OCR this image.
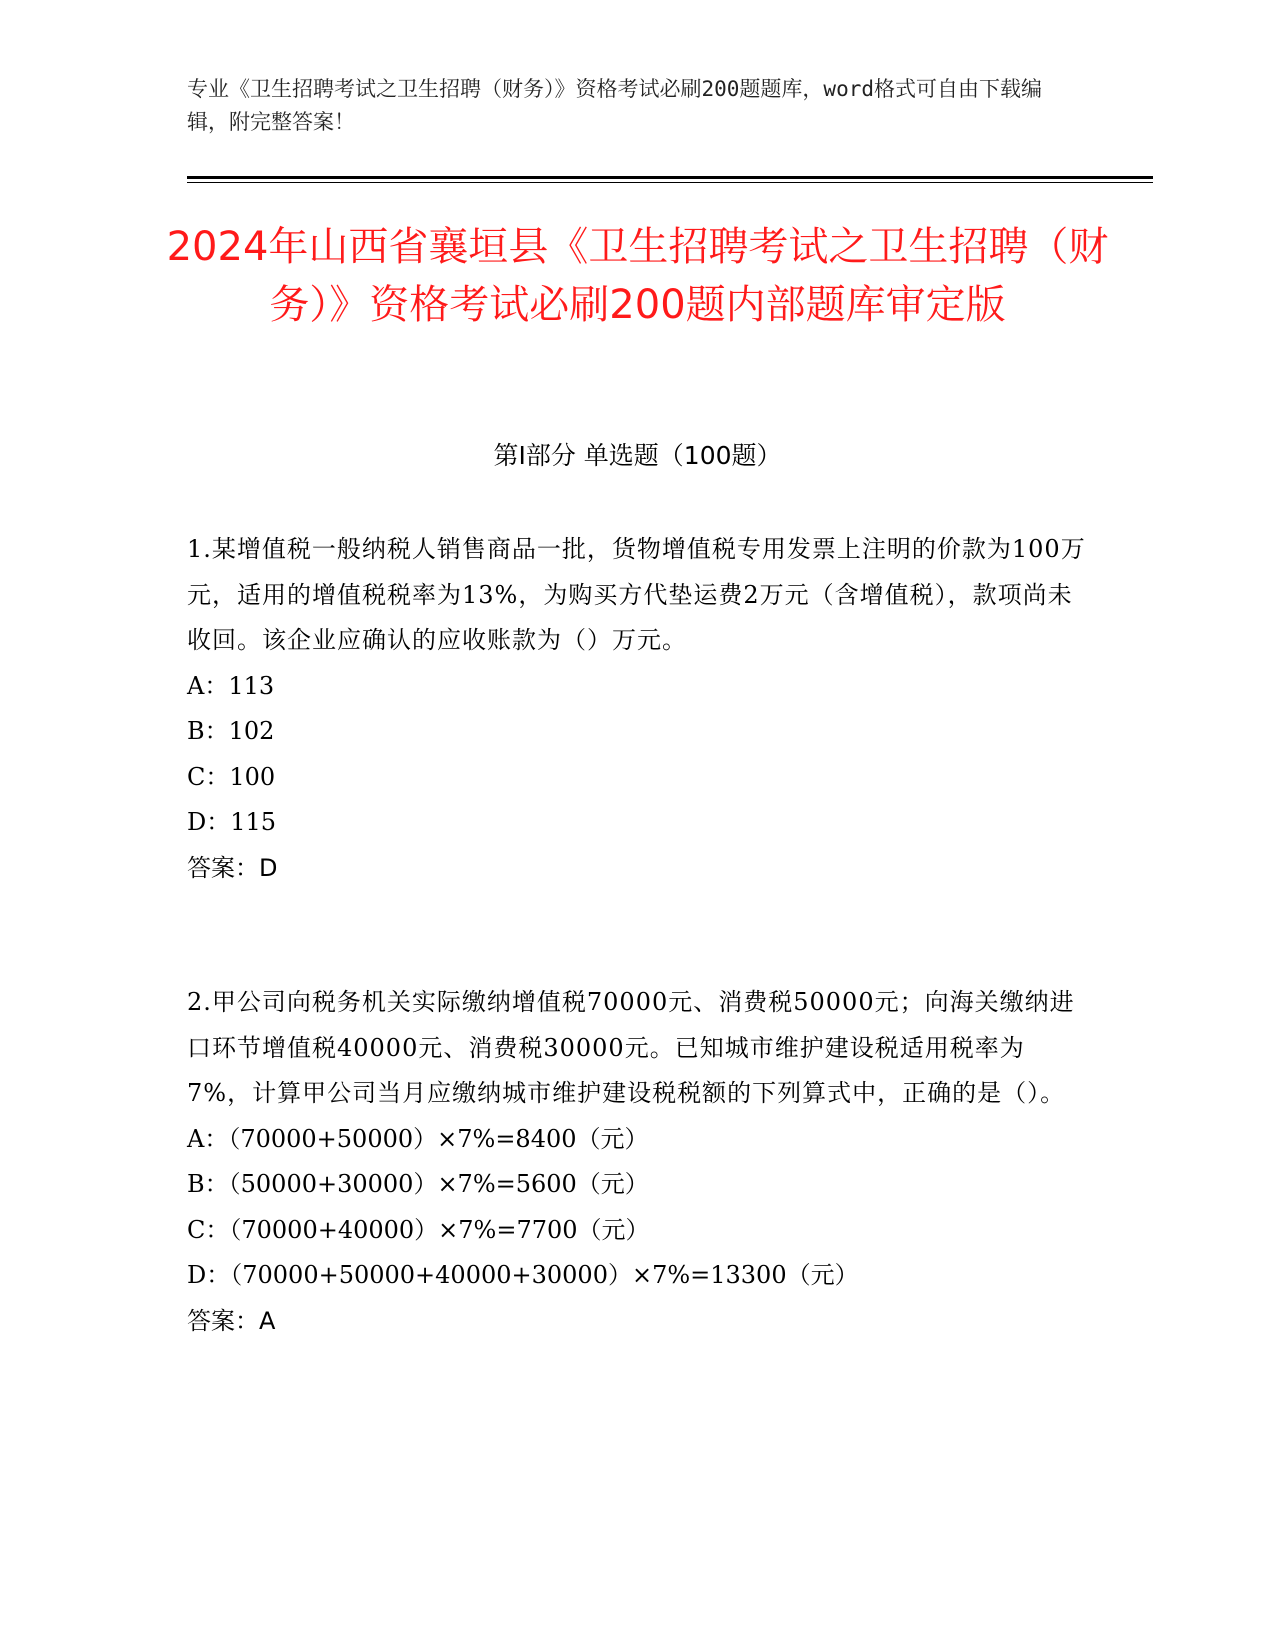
专业《卫生招聘考试之卫生招聘（财务）》资格考试必刷200题题库，word格式可自由下载编辑，附完整答案！
2024年山西省襄垣县《卫生招聘考试之卫生招聘（财务）》资格考试必刷200题内部题库审定版
第Ⅰ部分 单选题（100题）
1.某增值税一般纳税人销售商品一批，货物增值税专用发票上注明的价款为100万元，适用的增值税税率为13%，为购买方代垫运费2万元（含增值税），款项尚未收回。该企业应确认的应收账款为（）万元。
A：113
B：102
C：100
D：115
答案：D
2.甲公司向税务机关实际缴纳增值税70000元、消费税50000元；向海关缴纳进口环节增值税40000元、消费税30000元。已知城市维护建设税适用税率为7%，计算甲公司当月应缴纳城市维护建设税税额的下列算式中，正确的是（）。
A：（70000+50000）×7%=8400（元）
B：（50000+30000）×7%=5600（元）
C：（70000+40000）×7%=7700（元）
D：（70000+50000+40000+30000）×7%=13300（元）
答案：A
